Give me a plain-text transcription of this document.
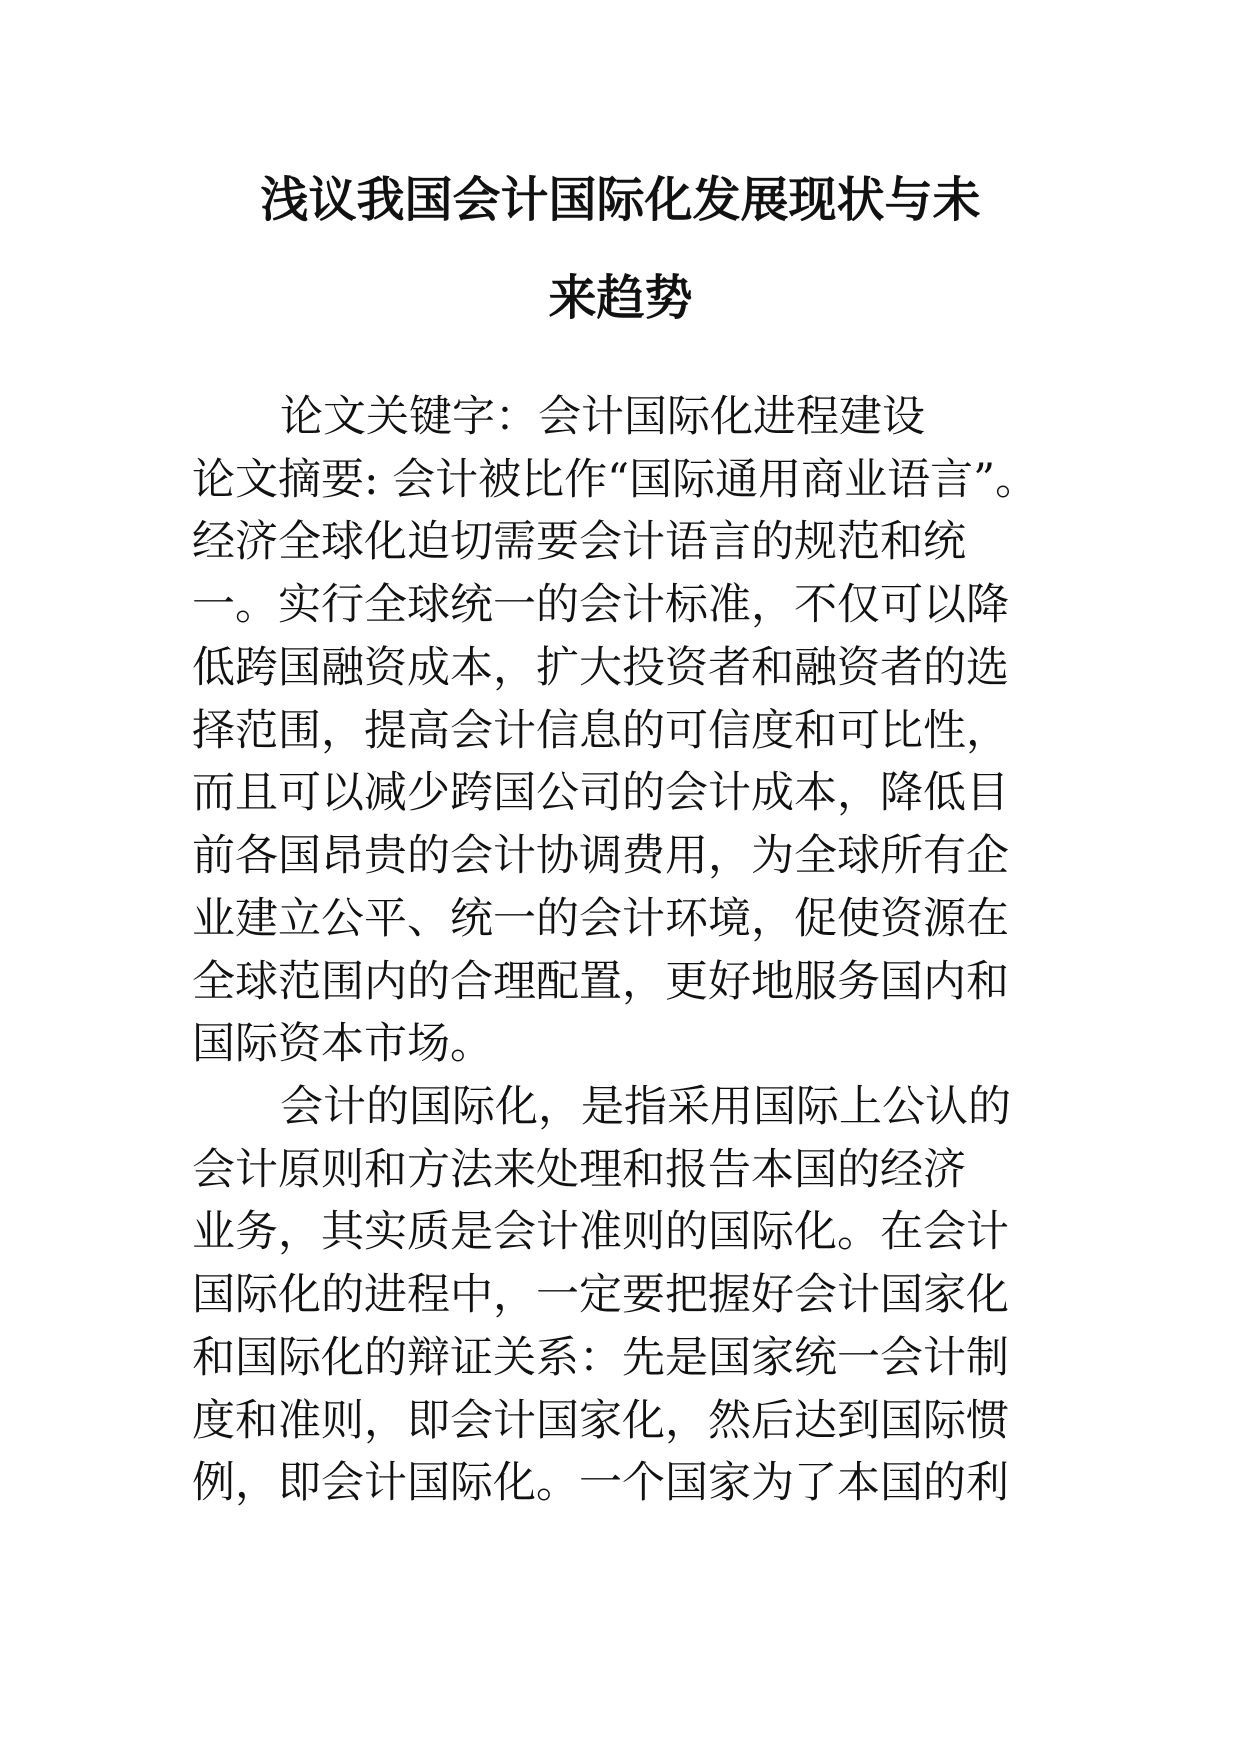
浅议我国会计国际化发展现状与未
来趋势
论文关键字：会计国际化进程建设
论文摘要: 会计被比作“国际通用商业语言”。
经济全球化迫切需要会计语言的规范和统
一。实行全球统一的会计标准，不仅可以降
低跨国融资成本，扩大投资者和融资者的选
择范围，提高会计信息的可信度和可比性，
而且可以减少跨国公司的会计成本，降低目
前各国昂贵的会计协调费用，为全球所有企
业建立公平、统一的会计环境，促使资源在
全球范围内的合理配置，更好地服务国内和
国际资本市场。
会计的国际化，是指采用国际上公认的
会计原则和方法来处理和报告本国的经济
业务，其实质是会计准则的国际化。在会计
国际化的进程中，一定要把握好会计国家化
和国际化的辩证关系：先是国家统一会计制
度和准则，即会计国家化，然后达到国际惯
例，即会计国际化。一个国家为了本国的利
